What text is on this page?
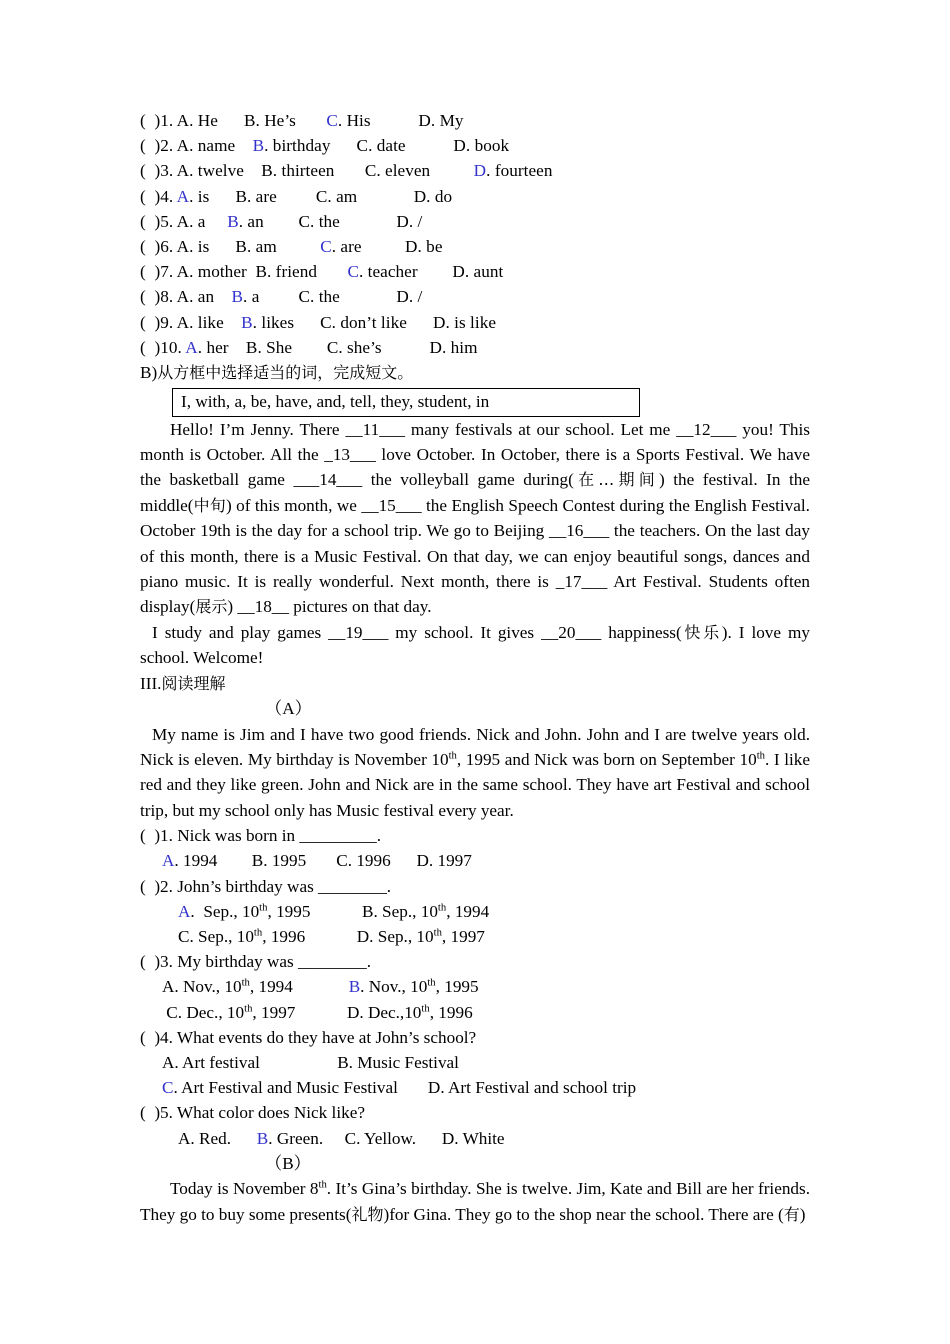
(  )1. A. He      B. He’s       C. His           D. My
(  )2. A. name    B. birthday      C. date           D. book
(  )3. A. twelve    B. thirteen       C. eleven          D. fourteen
(  )4. A. is      B. are         C. am             D. do
(  )5. A. a     B. an        C. the             D. /
(  )6. A. is      B. am          C. are          D. be
(  )7. A. mother  B. friend       C. teacher        D. aunt
(  )8. A. an    B. a         C. the             D. /
(  )9. A. like    B. likes      C. don’t like      D. is like
(  )10. A. her    B. She        C. she’s           D. him
B)从方框中选择适当的词，完成短文。
I, with, a, be, have, and, tell, they, student, in

Hello! I’m Jenny. There __11___ many festivals at our school. Let me __12___ you! This month is October. All the _13___ love October. In October, there is a Sports Festival. We have the basketball game ___14___ the volleyball game during(在…期间) the festival. In the middle(中旬) of this month, we __15___ the English Speech Contest during the English Festival. October 19th is the day for a school trip. We go to Beijing __16___ the teachers. On the last day of this month, there is a Music Festival. On that day, we can enjoy beautiful songs, dances and piano music. It is really wonderful. Next month, there is _17___ Art Festival. Students often display(展示) __18__ pictures on that day.

I study and play games __19___ my school. It gives __20___ happiness(快乐). I love my school. Welcome!

III.阅读理解
（A）

My name is Jim and I have two good friends. Nick and John. John and I are twelve years old. Nick is eleven. My birthday is November 10th, 1995 and Nick was born on September 10th. I like red and they like green. John and Nick are in the same school. They have art Festival and school trip, but my school only has Music festival every year.

(  )1. Nick was born in _________.
A. 1994        B. 1995       C. 1996      D. 1997
(  )2. John’s birthday was ________.
A.  Sep., 10th, 1995            B. Sep., 10th, 1994
C. Sep., 10th, 1996            D. Sep., 10th, 1997
(  )3. My birthday was ________.
A. Nov., 10th, 1994             B. Nov., 10th, 1995
C. Dec., 10th, 1997            D. Dec.,10th, 1996
(  )4. What events do they have at John’s school?
A. Art festival                  B. Music Festival
C. Art Festival and Music Festival       D. Art Festival and school trip
(  )5. What color does Nick like?
A. Red.      B. Green.     C. Yellow.      D. White
（B）

Today is November 8th. It’s Gina’s birthday. She is twelve. Jim, Kate and Bill are her friends. They go to buy some presents(礼物)for Gina. They go to the shop near the school. There are (有)
